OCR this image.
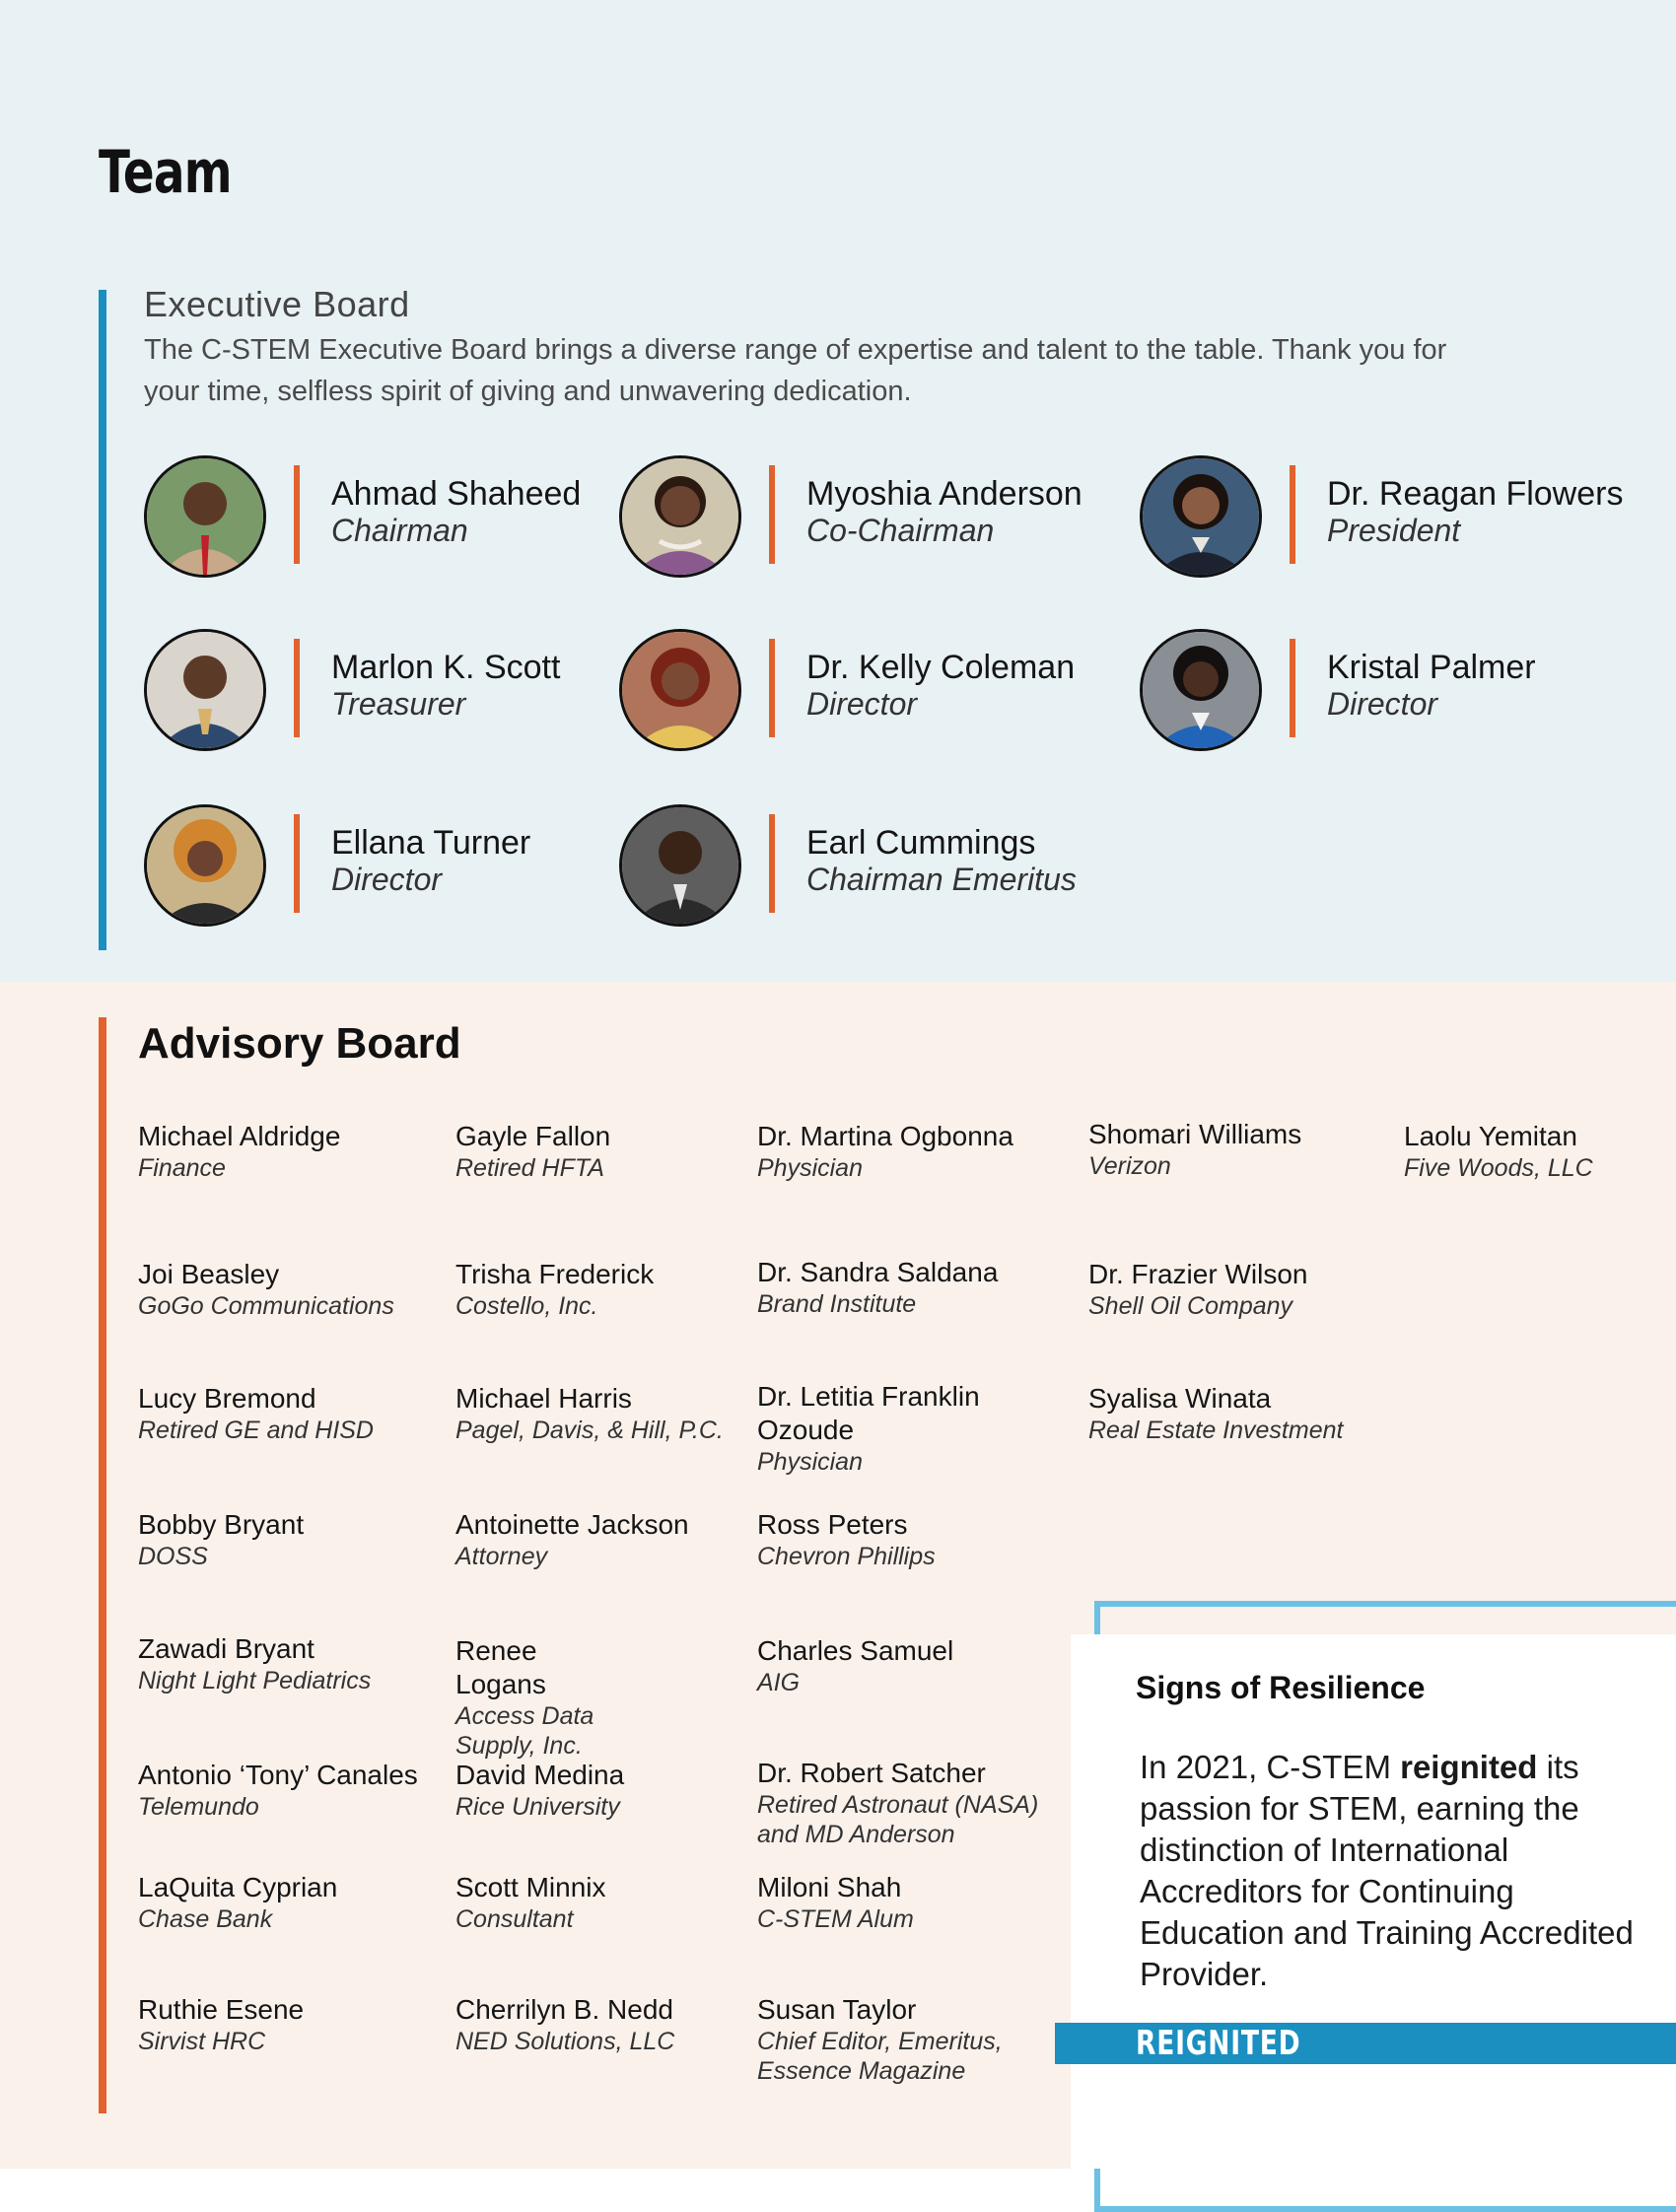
Team
Executive Board

The C-STEM Executive Board brings a diverse range of expertise and talent to the table. Thank you for your time, selfless spirit of giving and unwavering dedication.

Ahmad Shaheed
Chairman
Myoshia Anderson
Co-Chairman
Dr. Reagan Flowers
President
Marlon K. Scott
Treasurer
Dr. Kelly Coleman
Director
Kristal Palmer
Director
Ellana Turner
Director
Earl Cummings
Chairman Emeritus
Advisory Board
Michael Aldridge
Finance
Gayle Fallon
Retired HFTA
Dr. Martina Ogbonna
Physician
Shomari Williams
Verizon
Laolu Yemitan
Five Woods, LLC
Joi Beasley
GoGo Communications
Trisha Frederick
Costello, Inc.
Dr. Sandra Saldana
Brand Institute
Dr. Frazier Wilson
Shell Oil Company
Lucy Bremond
Retired GE and HISD
Michael Harris
Pagel, Davis, & Hill, P.C.
Dr. Letitia Franklin Ozoude
Physician
Syalisa Winata
Real Estate Investment
Bobby Bryant
DOSS
Antoinette Jackson
Attorney
Ross Peters
Chevron Phillips
Zawadi Bryant
Night Light Pediatrics
Renee Logans
Access Data Supply, Inc.
Charles Samuel
AIG
Antonio ‘Tony’ Canales
Telemundo
David Medina
Rice University
Dr. Robert Satcher
Retired Astronaut (NASA) and MD Anderson
LaQuita Cyprian
Chase Bank
Scott Minnix
Consultant
Miloni Shah
C-STEM Alum
Ruthie Esene
Sirvist HRC
Cherrilyn B. Nedd
NED Solutions, LLC
Susan Taylor
Chief Editor, Emeritus, Essence Magazine
Signs of Resilience

In 2021, C-STEM reignited its passion for STEM, earning the distinction of International Accreditors for Continuing Education and Training Accredited Provider.

REIGNITED
